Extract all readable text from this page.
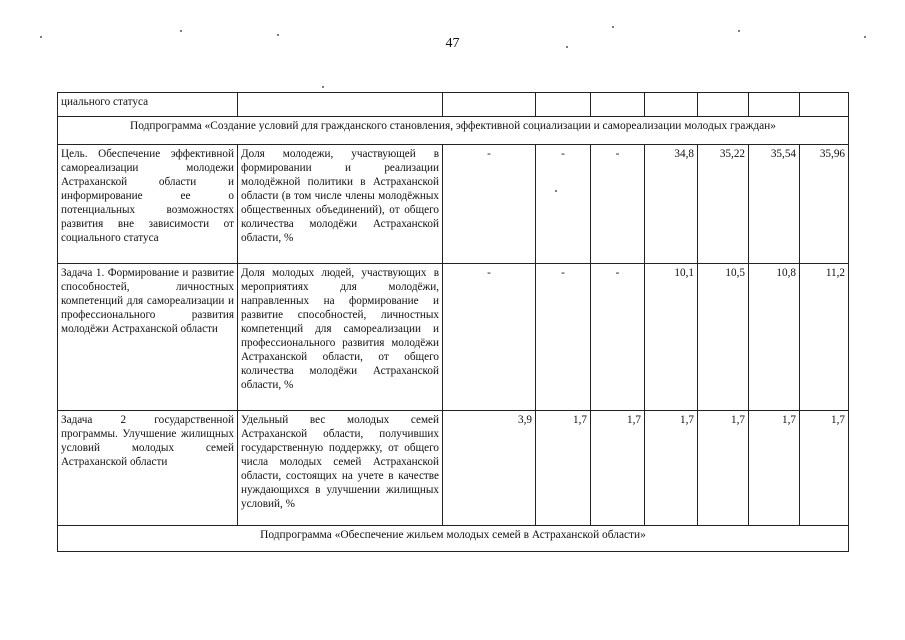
47
циального статуса								
Подпрограмма «Создание условий для гражданского становления, эффективной социализации и самореализации молодых граждан»								
Цель. Обеспечение эффективной самореализации молодежи Астраханской области и информирование ее о потенциальных возможностях развития вне зависимости от социального статуса	Доля молодежи, участвующей в формировании и реализации молодёжной политики в Астраханской области (в том числе члены молодёжных общественных объединений), от общего количества молодёжи Астраханской области, %	-	-	-	34,8	35,22	35,54	35,96
Задача 1. Формирование и развитие способностей, личностных компетенций для самореализации и профессионального развития молодёжи Астраханской области	Доля молодых людей, участвующих в мероприятиях для молодёжи, направленных на формирование и развитие способностей, личностных компетенций для самореализации и профессионального развития молодёжи Астраханской области, от общего количества молодёжи Астраханской области, %	-	-	-	10,1	10,5	10,8	11,2
Задача 2 государственной программы. Улучшение жилищных условий молодых семей Астраханской области	Удельный вес молодых семей Астраханской области, получивших государственную поддержку, от общего числа молодых семей Астраханской области, состоящих на учете в качестве нуждающихся в улучшении жилищных условий, %	3,9	1,7	1,7	1,7	1,7	1,7	1,7
Подпрограмма «Обеспечение жильем молодых семей в Астраханской области»								
